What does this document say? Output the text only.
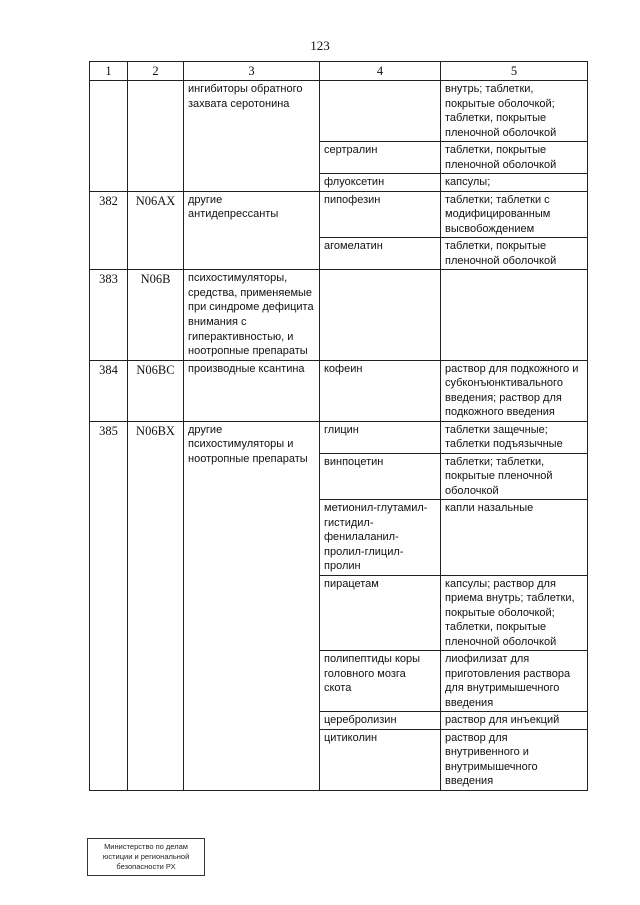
123
1	2	3	4	5
		ингибиторы обратного захвата серотонина		внутрь; таблетки, покрытые оболочкой; таблетки, покрытые пленочной оболочкой
			сертралин	таблетки, покрытые пленочной оболочкой
			флуоксетин	капсулы;
382	N06AX	другие антидепрессанты	пипофезин	таблетки; таблетки с модифицированным высвобождением
			агомелатин	таблетки, покрытые пленочной оболочкой
383	N06B	психостимуляторы, средства, применяемые при синдроме дефицита внимания с гиперактивностью, и ноотропные препараты		
384	N06BC	производные ксантина	кофеин	раствор для подкожного и субконъюнктивального введения; раствор для подкожного введения
385	N06BX	другие психостимуляторы и ноотропные препараты	глицин	таблетки защечные; таблетки подъязычные
			винпоцетин	таблетки; таблетки, покрытые пленочной оболочкой
			метионил-глутамил-гистидил-фенилаланил-пролил-глицил-пролин	капли назальные
			пирацетам	капсулы; раствор для приема внутрь; таблетки, покрытые оболочкой; таблетки, покрытые пленочной оболочкой
			полипептиды коры головного мозга скота	лиофилизат для приготовления раствора для внутримышечного введения
			церебролизин	раствор для инъекций
			цитиколин	раствор для внутривенного и внутримышечного введения
Министерство по делам
юстиции и региональной
безопасности РХ
